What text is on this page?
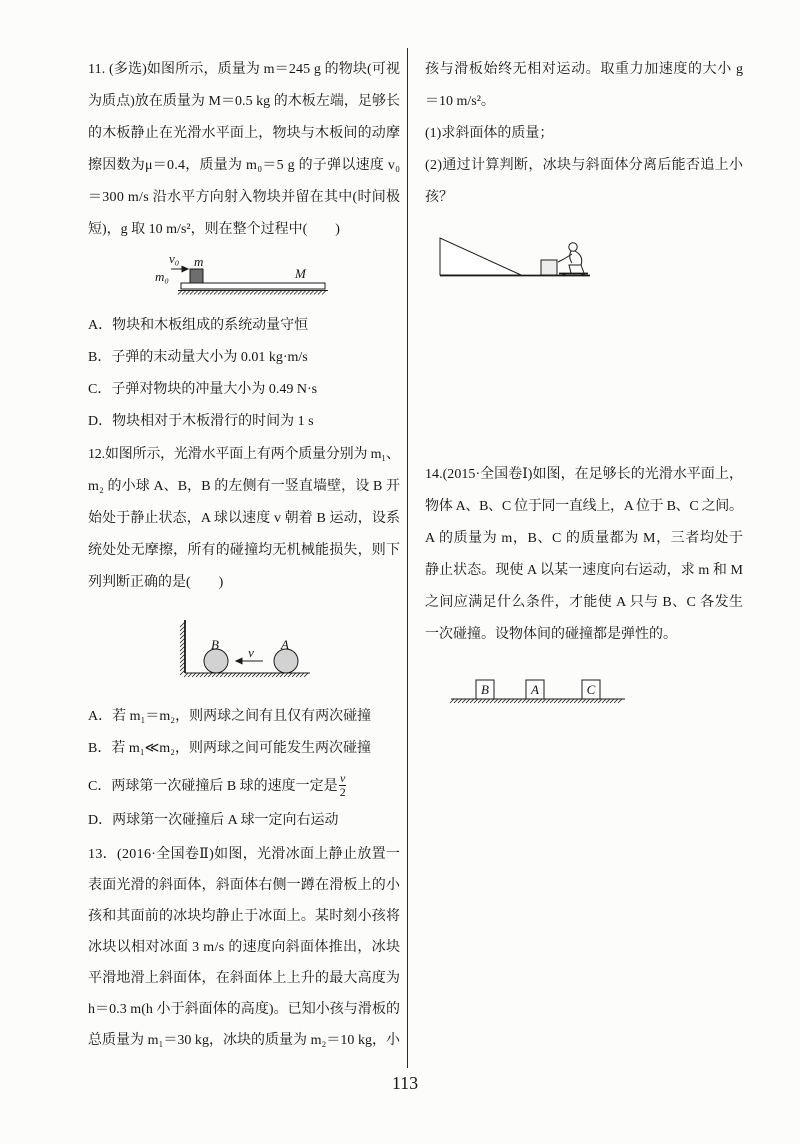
11. (多选)如图所示，质量为 m＝245 g 的物块(可视
为质点)放在质量为 M＝0.5 kg 的木板左端，足够长
的木板静止在光滑水平面上，物块与木板间的动摩
擦因数为μ＝0.4，质量为 m₀＝5 g 的子弹以速度 v₀
＝300 m/s 沿水平方向射入物块并留在其中(时间极
短)，g 取 10 m/s²，则在整个过程中(　　)
v₀
m₀
m
M
A．物块和木板组成的系统动量守恒
B．子弹的末动量大小为 0.01 kg·m/s
C．子弹对物块的冲量大小为 0.49 N·s
D．物块相对于木板滑行的时间为 1 s
12.如图所示，光滑水平面上有两个质量分别为 m₁、
m₂ 的小球 A、B，B 的左侧有一竖直墙壁，设 B 开
始处于静止状态，A 球以速度 v 朝着 B 运动，设系
统处处无摩擦，所有的碰撞均无机械能损失，则下
列判断正确的是(　　)
B	A
v
A．若 m₁＝m₂，则两球之间有且仅有两次碰撞
B．若 m₁≪m₂，则两球之间可能发生两次碰撞
C．两球第一次碰撞后 B 球的速度一定是 $\frac{v}{2}$
D．两球第一次碰撞后 A 球一定向右运动
13．(2016·全国卷Ⅱ)如图，光滑冰面上静止放置一
表面光滑的斜面体，斜面体右侧一蹲在滑板上的小
孩和其面前的冰块均静止于冰面上。某时刻小孩将
冰块以相对冰面 3 m/s 的速度向斜面体推出，冰块
平滑地滑上斜面体，在斜面体上上升的最大高度为
h＝0.3 m(h 小于斜面体的高度)。已知小孩与滑板的
总质量为 m₁＝30 kg，冰块的质量为 m₂＝10 kg，小
孩与滑板始终无相对运动。取重力加速度的大小 g
＝10 m/s²。
(1)求斜面体的质量；
(2)通过计算判断，冰块与斜面体分离后能否追上小
孩？
14.(2015·全国卷Ⅰ)如图，在足够长的光滑水平面上，
物体 A、B、C 位于同一直线上，A 位于 B、C 之间。
A 的质量为 m，B、C 的质量都为 M，三者均处于
静止状态。现使 A 以某一速度向右运动，求 m 和 M
之间应满足什么条件，才能使 A 只与 B、C 各发生
一次碰撞。设物体间的碰撞都是弹性的。
B	A	C
113
